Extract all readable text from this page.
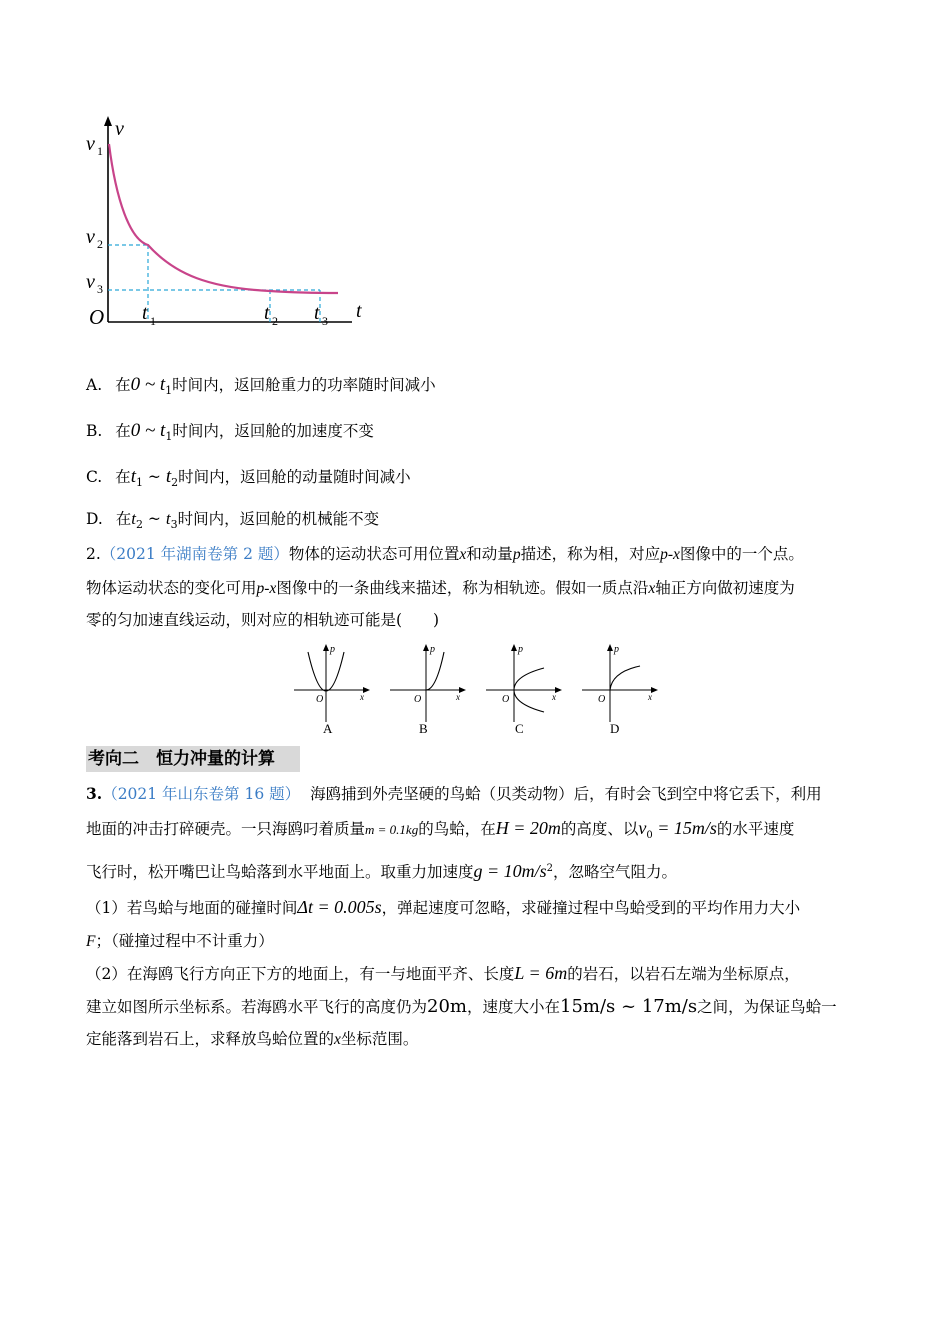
v
v 1
v 2
v 3
O t 1	t 2 t 3 t
A. 在0 ~ $t_1$时间内，返回舱重力的功率随时间减小
B. 在0 ~ $t_1$时间内，返回舱的加速度不变
C. 在$t_1$ ~ $t_2$时间内，返回舱的动量随时间减小
D. 在$t_2$ ~ $t_3$时间内，返回舱的机械能不变
2.（2021 年湖南卷第 2 题）物体的运动状态可用位置x和动量p描述，称为相，对应p-x图像中的一个点。
物体运动状态的变化可用p-x图像中的一条曲线来描述，称为相轨迹。假如一质点沿x轴正方向做初速度为
零的匀加速直线运动，则对应的相轨迹可能是(　　)
p
x
O
A
p
x
O
B
p
x
O
C
p
x
O
D
考向二　恒力冲量的计算
3.（2021 年山东卷第 16 题） 海鸥捕到外壳坚硬的鸟蛤（贝类动物）后，有时会飞到空中将它丢下，利用
地面的冲击打碎硬壳。一只海鸥叼着质量m = 0.1kg的鸟蛤，在H = 20m的高度、以$v_0 = 15m/s$的水平速度
飞行时，松开嘴巴让鸟蛤落到水平地面上。取重力加速度$g = 10m/s^2$，忽略空气阻力。
（1）若鸟蛤与地面的碰撞时间Δt = 0.005s，弹起速度可忽略，求碰撞过程中鸟蛤受到的平均作用力大小
F；（碰撞过程中不计重力）
（2）在海鸥飞行方向正下方的地面上，有一与地面平齐、长度L = 6m的岩石，以岩石左端为坐标原点，
建立如图所示坐标系。若海鸥水平飞行的高度仍为20m，速度大小在15m/s ~ 17m/s之间，为保证鸟蛤一
定能落到岩石上，求释放鸟蛤位置的x坐标范围。
